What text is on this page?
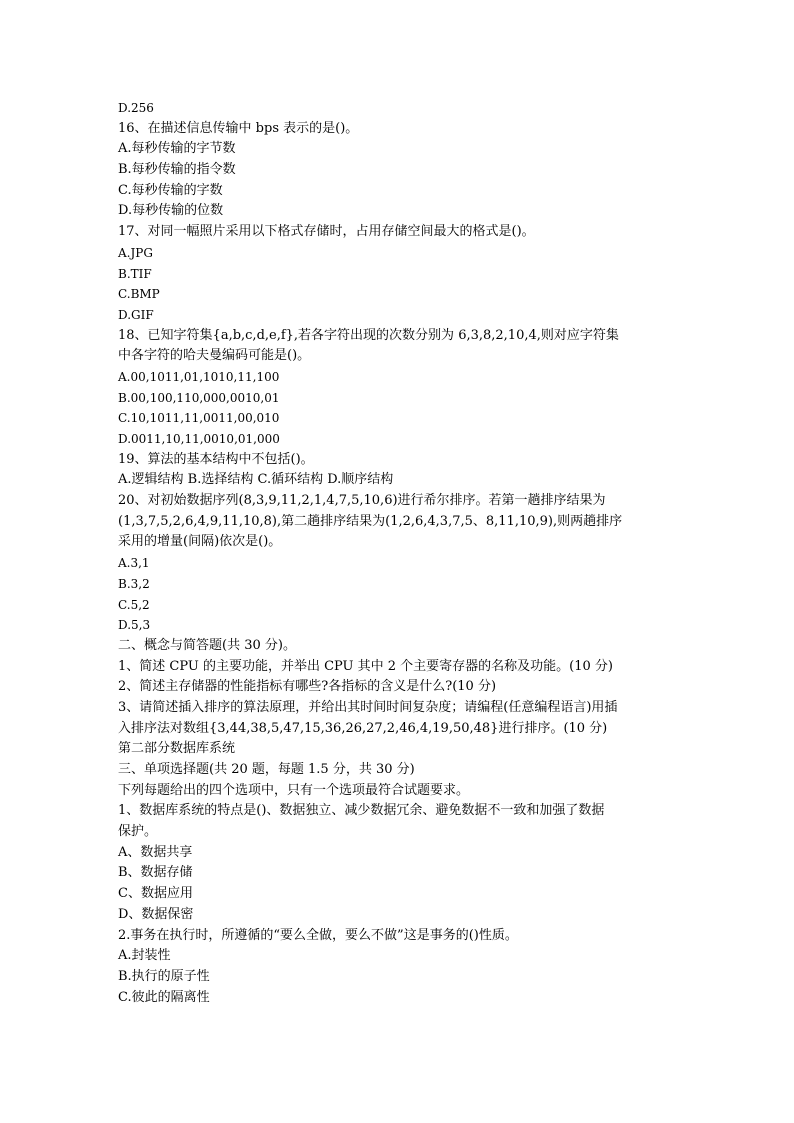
D.256
16、在描述信息传输中 bps 表示的是()。
A.每秒传输的字节数
B.每秒传输的指令数
C.每秒传输的字数
D.每秒传输的位数
17、对同一幅照片采用以下格式存储时，占用存储空间最大的格式是()。
A.JPG
B.TIF
C.BMP
D.GIF
18、已知字符集{a,b,c,d,e,f},若各字符出现的次数分别为 6,3,8,2,10,4,则对应字符集
中各字符的哈夫曼编码可能是()。
A.00,1011,01,1010,11,100
B.00,100,110,000,0010,01
C.10,1011,11,0011,00,010
D.0011,10,11,0010,01,000
19、算法的基本结构中不包括()。
A.逻辑结构 B.选择结构 C.循环结构 D.顺序结构
20、对初始数据序列(8,3,9,11,2,1,4,7,5,10,6)进行希尔排序。若第一趟排序结果为
(1,3,7,5,2,6,4,9,11,10,8),第二趟排序结果为(1,2,6,4,3,7,5、8,11,10,9),则两趟排序
采用的增量(间隔)依次是()。
A.3,1
B.3,2
C.5,2
D.5,3
二、概念与简答题(共 30 分)。
1、简述 CPU 的主要功能，并举出 CPU 其中 2 个主要寄存器的名称及功能。(10 分)
2、简述主存储器的性能指标有哪些?各指标的含义是什么?(10 分)
3、请简述插入排序的算法原理，并给出其时间时间复杂度；请编程(任意编程语言)用插
入排序法对数组{3,44,38,5,47,15,36,26,27,2,46,4,19,50,48}进行排序。(10 分)
第二部分数据库系统
三、单项选择题(共 20 题，每题 1.5 分，共 30 分)
下列每题给出的四个选项中，只有一个选项最符合试题要求。
1、数据库系统的特点是()、数据独立、减少数据冗余、避免数据不一致和加强了数据
保护。
A、数据共享
B、数据存储
C、数据应用
D、数据保密
2.事务在执行时，所遵循的“要么全做，要么不做”这是事务的()性质。
A.封装性
B.执行的原子性
C.彼此的隔离性
